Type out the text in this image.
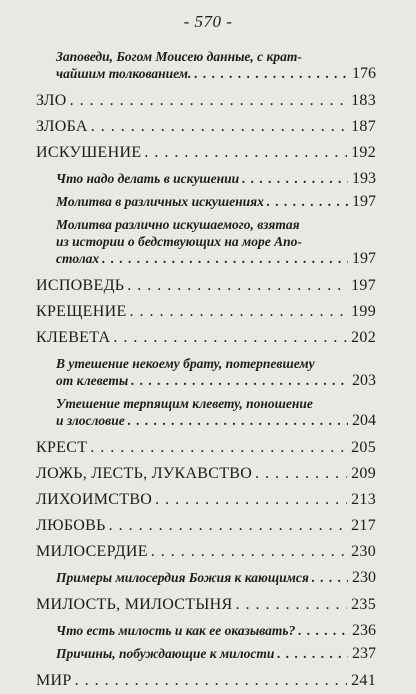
- 570 -
Заповеди, Богом Моисею данные, с крат-
чайшим толкованием. . . .	176
ЗЛО . . .	183
ЗЛОБА . . .	187
ИСКУШЕНИЕ . . .	192
Что надо делать в искушении . . .	193
Молитва в различных искушениях . . .	197
Молитва различно искушаемого, взятая
из истории о бедствующих на море Апо-
столах . . .	197
ИСПОВЕДЬ . . .	197
КРЕЩЕНИЕ . . .	199
КЛЕВЕТА . . .	202
В утешение некоему брату, потерпевшему
от клеветы . . .	203
Утешение терпящим клевету, поношение
и злословие . . .	204
КРЕСТ . . .	205
ЛОЖЬ, ЛЕСТЬ, ЛУКАВСТВО . . .	209
ЛИХОИМСТВО . . .	213
ЛЮБОВЬ . . .	217
МИЛОСЕРДИЕ . . .	230
Примеры милосердия Божия к кающимся . . .	230
МИЛОСТЬ, МИЛОСТЫНЯ . . .	235
Что есть милость и как ее оказывать? . . .	236
Причины, побуждающие к милости . . .	237
МИР . . .	241
